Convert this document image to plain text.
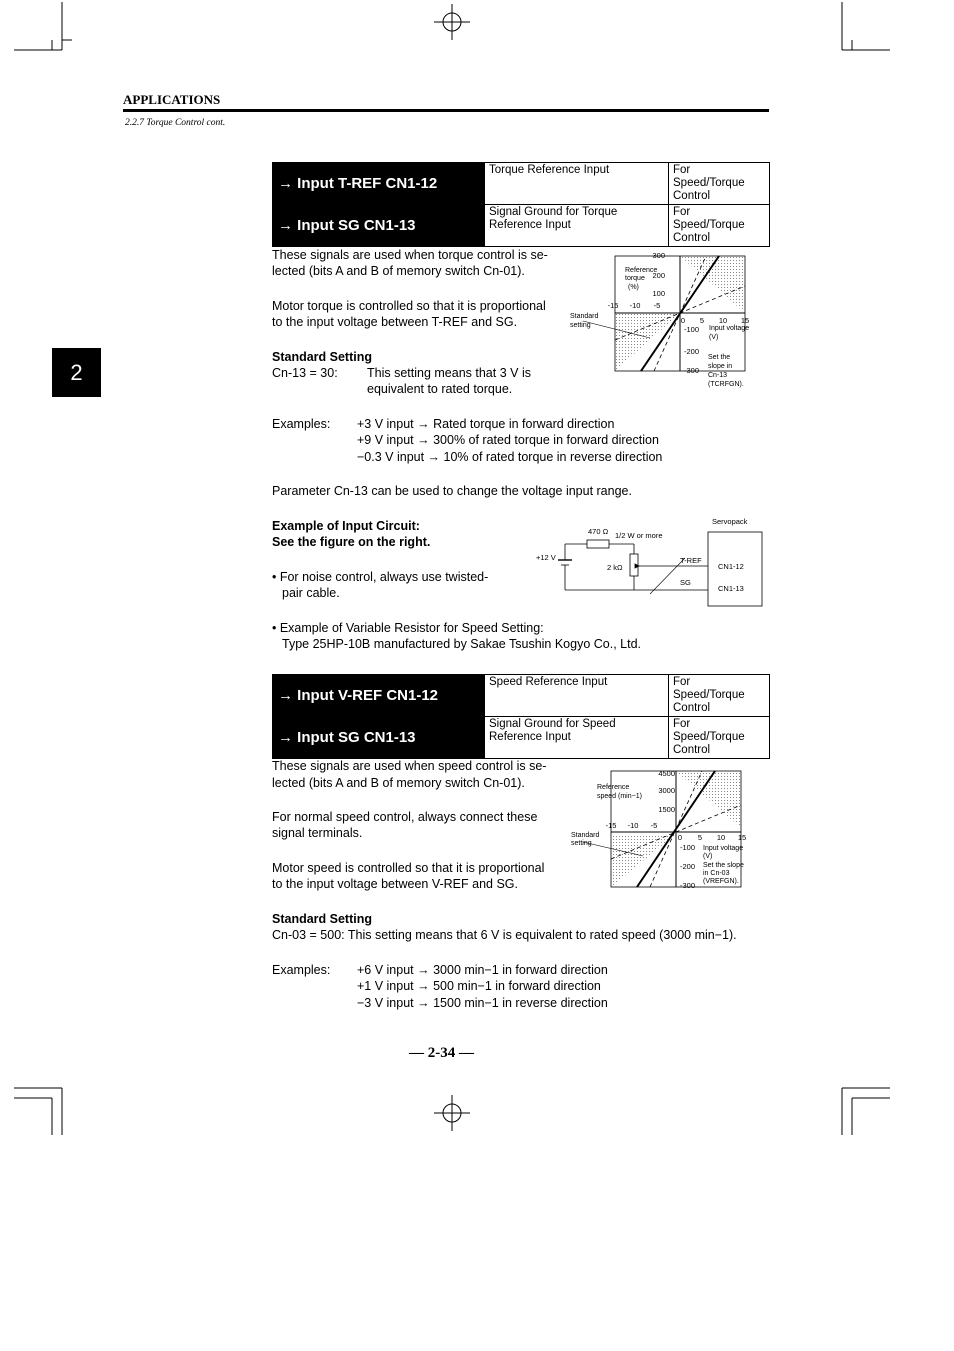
APPLICATIONS
2.2.7 Torque Control cont.
2
→ Input T-REF CN1-12	Torque Reference Input	For Speed/Torque Control
→ Input SG CN1-13	Signal Ground for Torque Reference Input	For Speed/Torque Control
These signals are used when torque control is se-
lected (bits A and B of memory switch Cn-01).
Motor torque is controlled so that it is proportional
to the input voltage between T-REF and SG.
Standard Setting
Cn-13 = 30: This setting means that 3 V is
equivalent to rated torque.
Examples: +3 V input → Rated torque in forward direction
+9 V input → 300% of rated torque in forward direction
−0.3 V input → 10% of rated torque in reverse direction
Parameter Cn-13 can be used to change the voltage input range.
Example of Input Circuit:
See the figure on the right.
• For noise control, always use twisted-
pair cable.
• Example of Variable Resistor for Speed Setting:
Type 25HP-10B manufactured by Sakae Tsushin Kogyo Co., Ltd.
300
200
100
-100
-200
-300
-15 -10 -5
0 5 10 15
Reference
torque
(%)
Standard
setting	Input voltage
(V)
Set the
slope in
Cn-13
(TCRFGN).
Servopack
470 Ω 1/2 W or more
+12 V
2 kΩ
T-REF
SG
CN1-12
CN1-13
→ Input V-REF CN1-12	Speed Reference Input	For Speed/Torque Control
→ Input SG CN1-13	Signal Ground for Speed Reference Input	For Speed/Torque Control
These signals are used when speed control is se-
lected (bits A and B of memory switch Cn-01).
For normal speed control, always connect these
signal terminals.
Motor speed is controlled so that it is proportional
to the input voltage between V-REF and SG.
Standard Setting
Cn-03 = 500: This setting means that 6 V is equivalent to rated speed (3000 min−1).
Examples: +6 V input → 3000 min−1 in forward direction
+1 V input → 500 min−1 in forward direction
−3 V input → 1500 min−1 in reverse direction
4500
3000
1500
-100
-200
-300
-15 -10 -5
0 5 10 15
Reference
speed (min−1)
Standard
setting
Input voltage
(V)
Set the slope
in Cn-03
(VREFGN).
— 2-34 —
